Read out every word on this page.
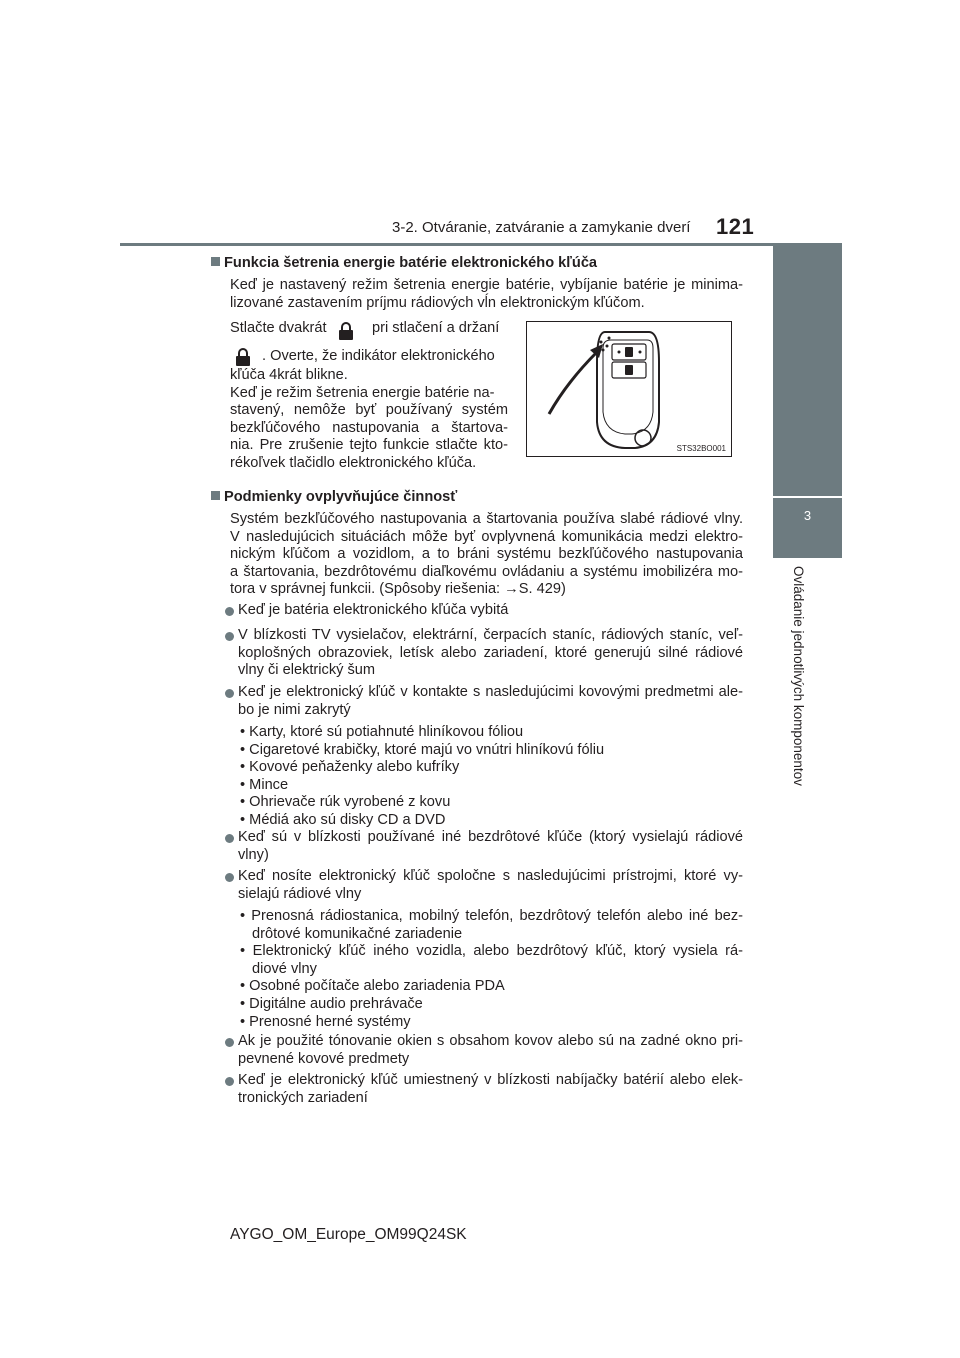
3-2. Otváranie, zatváranie a zamykanie dverí 121
3
Ovládanie jednotlivých komponentov
Funkcia šetrenia energie batérie elektronického kľúča
Keď je nastavený režim šetrenia energie batérie, vybíjanie batérie je minima-
lizované zastavením príjmu rádiových vĺn elektronickým kľúčom.
Stlačte dvakrát	pri stlačení a držaní
. Overte, že indikátor elektronického
kľúča 4krát blikne.
Keď je režim šetrenia energie batérie na-
stavený, nemôže byť používaný systém
bezkľúčového nastupovania a štartova-
nia. Pre zrušenie tejto funkcie stlačte kto-
rékoľvek tlačidlo elektronického kľúča.
STS32BO001
Podmienky ovplyvňujúce činnosť
Systém bezkľúčového nastupovania a štartovania používa slabé rádiové vlny.
V nasledujúcich situáciách môže byť ovplyvnená komunikácia medzi elektro-
nickým kľúčom a vozidlom, a to bráni systému bezkľúčového nastupovania
a štartovania, bezdrôtovému diaľkovému ovládaniu a systému imobilizéra mo-
tora v správnej funkcii. (Spôsoby riešenia: →S. 429)
Keď je batéria elektronického kľúča vybitá
V blízkosti TV vysielačov, elektrární, čerpacích staníc, rádiových staníc, veľ-
koplošných obrazoviek, letísk alebo zariadení, ktoré generujú silné rádiové
vlny či elektrický šum
Keď je elektronický kľúč v kontakte s nasledujúcimi kovovými predmetmi ale-
bo je nimi zakrytý
• Karty, ktoré sú potiahnuté hliníkovou fóliou
• Cigaretové krabičky, ktoré majú vo vnútri hliníkovú fóliu
• Kovové peňaženky alebo kufríky
• Mince
• Ohrievače rúk vyrobené z kovu
• Médiá ako sú disky CD a DVD
Keď sú v blízkosti používané iné bezdrôtové kľúče (ktorý vysielajú rádiové
vlny)
Keď nosíte elektronický kľúč spoločne s nasledujúcimi prístrojmi, ktoré vy-
sielajú rádiové vlny
• Prenosná rádiostanica, mobilný telefón, bezdrôtový telefón alebo iné bez-
drôtové komunikačné zariadenie
• Elektronický kľúč iného vozidla, alebo bezdrôtový kľúč, ktorý vysiela rá-
diové vlny
• Osobné počítače alebo zariadenia PDA
• Digitálne audio prehrávače
• Prenosné herné systémy
Ak je použité tónovanie okien s obsahom kovov alebo sú na zadné okno pri-
pevnené kovové predmety
Keď je elektronický kľúč umiestnený v blízkosti nabíjačky batérií alebo elek-
tronických zariadení
AYGO_OM_Europe_OM99Q24SK
